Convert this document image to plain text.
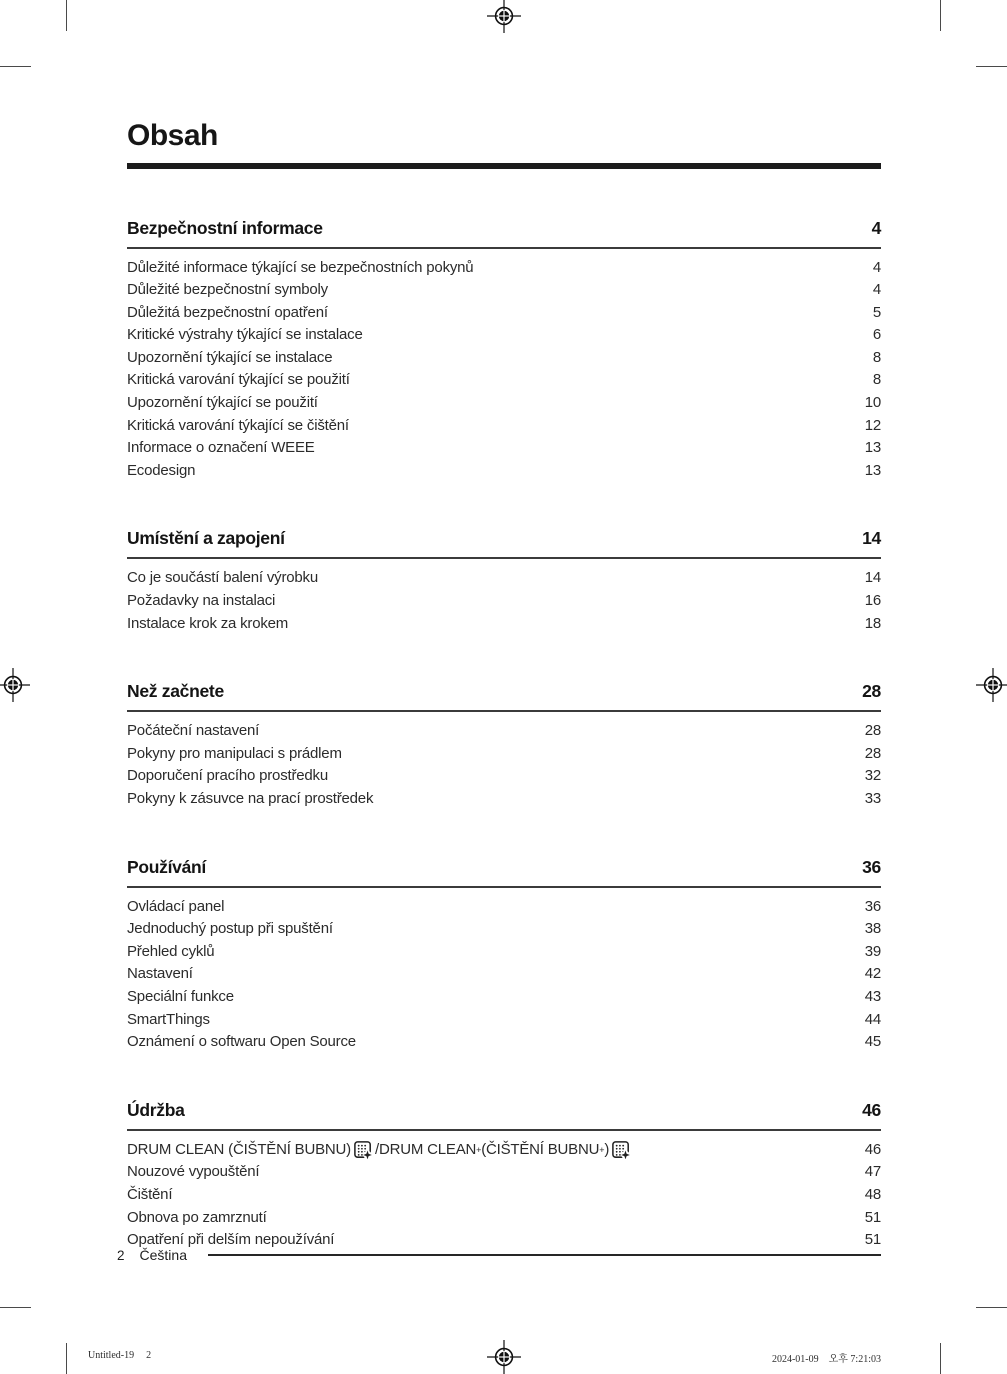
Obsah
Bezpečnostní informace	4
Důležité informace týkající se bezpečnostních pokynů	4
Důležité bezpečnostní symboly	4
Důležitá bezpečnostní opatření	5
Kritické výstrahy týkající se instalace	6
Upozornění týkající se instalace	8
Kritická varování týkající se použití	8
Upozornění týkající se použití	10
Kritická varování týkající se čištění	12
Informace o označení WEEE	13
Ecodesign	13
Umístění a zapojení	14
Co je součástí balení výrobku	14
Požadavky na instalaci	16
Instalace krok za krokem	18
Než začnete	28
Počáteční nastavení	28
Pokyny pro manipulaci s prádlem	28
Doporučení pracího prostředku	32
Pokyny k zásuvce na prací prostředek	33
Používání	36
Ovládací panel	36
Jednoduchý postup při spuštění	38
Přehled cyklů	39
Nastavení	42
Speciální funkce	43
SmartThings	44
Oznámení o softwaru Open Source	45
Údržba	46
DRUM CLEAN (ČIŠTĚNÍ BUBNU) /DRUM CLEAN + (ČIŠTĚNÍ BUBNU + )	46
Nouzové vypouštění	47
Čištění	48
Obnova po zamrznutí	51
Opatření při delším nepoužívání	51
2 Čeština
Untitled-19 2	2024-01-09 오후 7:21:03
